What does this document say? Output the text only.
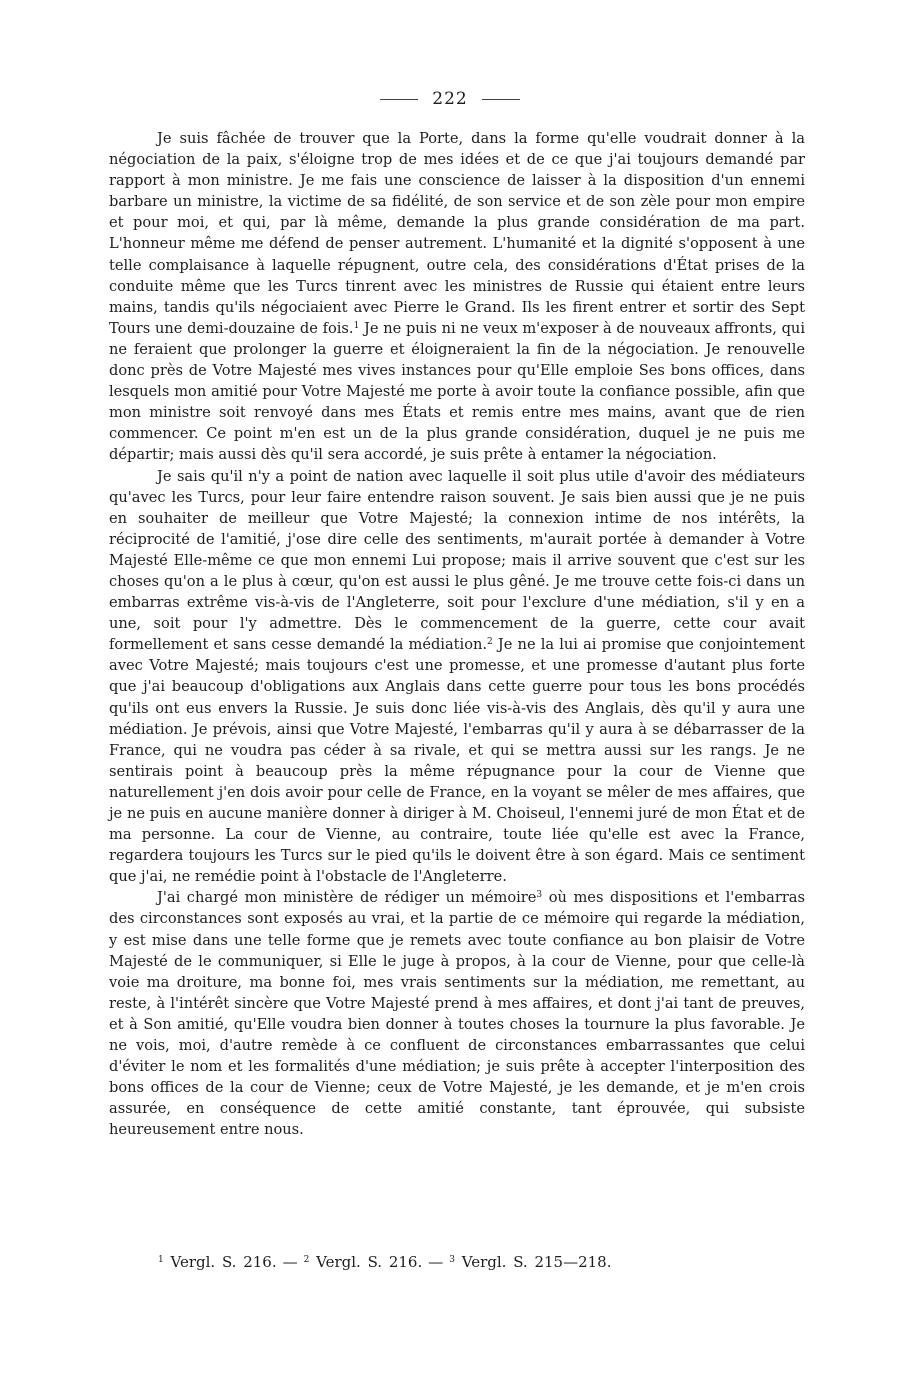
222

Je suis fâchée de trouver que la Porte, dans la forme qu'elle voudrait donner à la négociation de la paix, s'éloigne trop de mes idées et de ce que j'ai toujours demandé par rapport à mon ministre. Je me fais une conscience de laisser à la disposition d'un ennemi barbare un ministre, la victime de sa fidélité, de son service et de son zèle pour mon empire et pour moi, et qui, par là même, demande la plus grande considération de ma part. L'honneur même me défend de penser autrement. L'humanité et la dignité s'opposent à une telle complaisance à laquelle répugnent, outre cela, des considérations d'État prises de la conduite même que les Turcs tinrent avec les ministres de Russie qui étaient entre leurs mains, tandis qu'ils négociaient avec Pierre le Grand. Ils les firent entrer et sortir des Sept Tours une demi-douzaine de fois.$^1$ Je ne puis ni ne veux m'exposer à de nouveaux affronts, qui ne feraient que prolonger la guerre et éloigneraient la fin de la négociation. Je renouvelle donc près de Votre Majesté mes vives instances pour qu'Elle emploie Ses bons offices, dans lesquels mon amitié pour Votre Majesté me porte à avoir toute la confiance possible, afin que mon ministre soit renvoyé dans mes États et remis entre mes mains, avant que de rien commencer. Ce point m'en est un de la plus grande considération, duquel je ne puis me départir; mais aussi dès qu'il sera accordé, je suis prête à entamer la négociation.

Je sais qu'il n'y a point de nation avec laquelle il soit plus utile d'avoir des médiateurs qu'avec les Turcs, pour leur faire entendre raison souvent. Je sais bien aussi que je ne puis en souhaiter de meilleur que Votre Majesté; la connexion intime de nos intérêts, la réciprocité de l'amitié, j'ose dire celle des sentiments, m'aurait portée à demander à Votre Majesté Elle-même ce que mon ennemi Lui propose; mais il arrive souvent que c'est sur les choses qu'on a le plus à cœur, qu'on est aussi le plus gêné. Je me trouve cette fois-ci dans un embarras extrême vis-à-vis de l'Angleterre, soit pour l'exclure d'une médiation, s'il y en a une, soit pour l'y admettre. Dès le commencement de la guerre, cette cour avait formellement et sans cesse demandé la médiation.$^2$ Je ne la lui ai promise que conjointement avec Votre Majesté; mais toujours c'est une promesse, et une promesse d'autant plus forte que j'ai beaucoup d'obligations aux Anglais dans cette guerre pour tous les bons procédés qu'ils ont eus envers la Russie. Je suis donc liée vis-à-vis des Anglais, dès qu'il y aura une médiation. Je prévois, ainsi que Votre Majesté, l'embarras qu'il y aura à se débarrasser de la France, qui ne voudra pas céder à sa rivale, et qui se mettra aussi sur les rangs. Je ne sentirais point à beaucoup près la même répugnance pour la cour de Vienne que naturellement j'en dois avoir pour celle de France, en la voyant se mêler de mes affaires, que je ne puis en aucune manière donner à diriger à M. Choiseul, l'ennemi juré de mon État et de ma personne. La cour de Vienne, au contraire, toute liée qu'elle est avec la France, regardera toujours les Turcs sur le pied qu'ils le doivent être à son égard. Mais ce sentiment que j'ai, ne remédie point à l'obstacle de l'Angleterre.

J'ai chargé mon ministère de rédiger un mémoire$^3$ où mes dispositions et l'embarras des circonstances sont exposés au vrai, et la partie de ce mémoire qui regarde la médiation, y est mise dans une telle forme que je remets avec toute confiance au bon plaisir de Votre Majesté de le communiquer, si Elle le juge à propos, à la cour de Vienne, pour que celle-là voie ma droiture, ma bonne foi, mes vrais sentiments sur la médiation, me remettant, au reste, à l'intérêt sincère que Votre Majesté prend à mes affaires, et dont j'ai tant de preuves, et à Son amitié, qu'Elle voudra bien donner à toutes choses la tournure la plus favorable. Je ne vois, moi, d'autre remède à ce confluent de circonstances embarrassantes que celui d'éviter le nom et les formalités d'une médiation; je suis prête à accepter l'interposition des bons offices de la cour de Vienne; ceux de Votre Majesté, je les demande, et je m'en crois assurée, en conséquence de cette amitié constante, tant éprouvée, qui subsiste heureusement entre nous.

$^1$ Vergl. S. 216. — $^2$ Vergl. S. 216. — $^3$ Vergl. S. 215—218.
